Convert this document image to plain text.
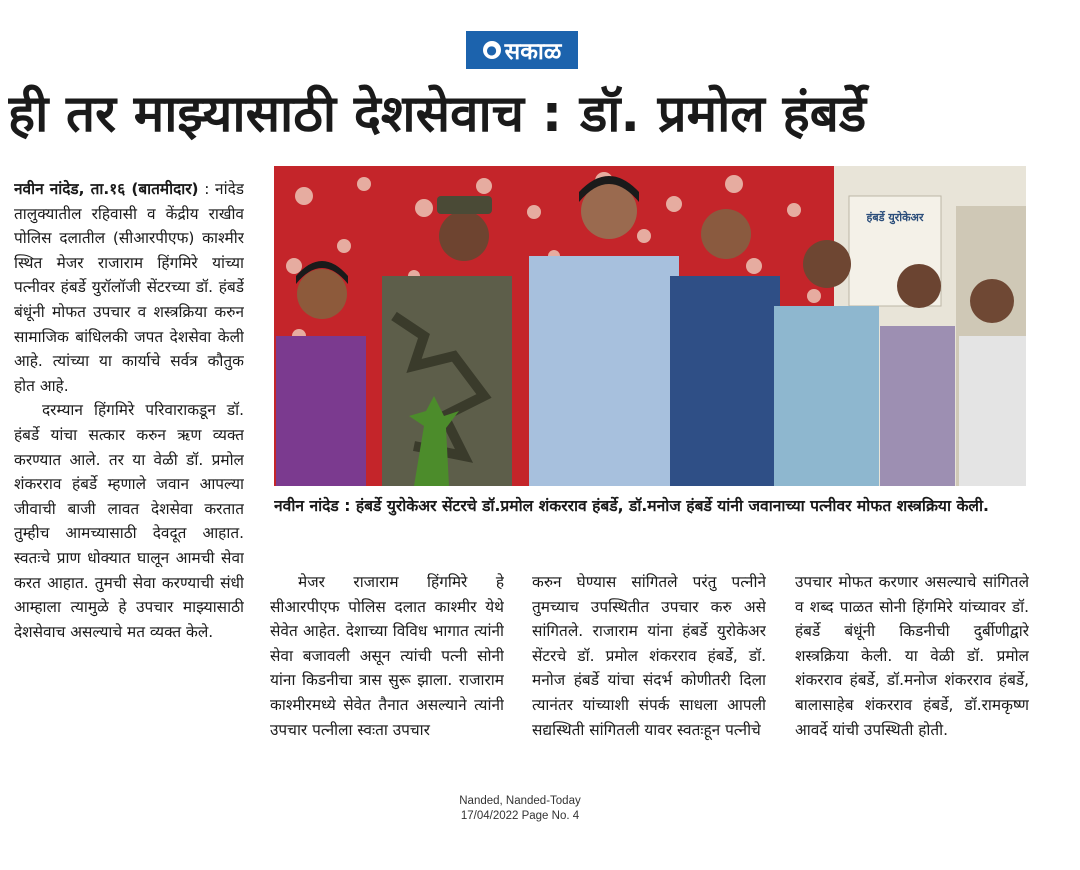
● सकाळ
ही तर माझ्यासाठी देशसेवाच : डॉ. प्रमोल हंबर्डे

नवीन नांदेड, ता.१६ (बातमीदार) : नांदेड तालुक्यातील रहिवासी व केंद्रीय राखीव पोलिस दलातील (सीआरपीएफ) काश्मीर स्थित मेजर राजाराम हिंगमिरे यांच्या पत्नीवर हंबर्डे युरॉलॉजी सेंटरच्या डॉ. हंबर्डे बंधूंनी मोफत उपचार व शस्त्रक्रिया करुन सामाजिक बांधिलकी जपत देशसेवा केली आहे. त्यांच्या या कार्याचे सर्वत्र कौतुक होत आहे.

दरम्यान हिंगमिरे परिवाराकडून डॉ. हंबर्डे यांचा सत्कार करुन ऋण व्यक्त करण्यात आले. तर या वेळी डॉ. प्रमोल शंकरराव हंबर्डे म्हणाले जवान आपल्या जीवाची बाजी लावत देशसेवा करतात तुम्हीच आमच्यासाठी देवदूत आहात. स्वतःचे प्राण धोक्यात घालून आमची सेवा करत आहात. तुमची सेवा करण्याची संधी आम्हाला त्यामुळे हे उपचार माझ्यासाठी देशसेवाच असल्याचे मत व्यक्त केले.

हंबर्डे युरोकेअर
नवीन नांदेड : हंबर्डे युरोकेअर सेंटरचे डॉ.प्रमोल शंकरराव हंबर्डे, डॉ.मनोज हंबर्डे यांनी जवानाच्या पत्नीवर मोफत शस्त्रक्रिया केली.

मेजर राजाराम हिंगमिरे हे सीआरपीएफ पोलिस दलात काश्मीर येथे सेवेत आहेत. देशाच्या विविध भागात त्यांनी सेवा बजावली असून त्यांची पत्नी सोनी यांना किडनीचा त्रास सुरू झाला. राजाराम काश्मीरमध्ये सेवेत तैनात असल्याने त्यांनी उपचार पत्नीला स्वःता उपचार

करुन घेण्यास सांगितले परंतु पत्नीने तुमच्याच उपस्थितीत उपचार करु असे सांगितले. राजाराम यांना हंबर्डे युरोकेअर सेंटरचे डॉ. प्रमोल शंकरराव हंबर्डे, डॉ. मनोज हंबर्डे यांचा संदर्भ कोणीतरी दिला त्यानंतर यांच्याशी संपर्क साधला आपली सद्यस्थिती सांगितली यावर स्वतःहून पत्नीचे

उपचार मोफत करणार असल्याचे सांगितले व शब्द पाळत सोनी हिंगमिरे यांच्यावर डॉ. हंबर्डे बंधूंनी किडनीची दुर्बीणीद्वारे शस्त्रक्रिया केली. या वेळी डॉ. प्रमोल शंकरराव हंबर्डे, डॉ.मनोज शंकरराव हंबर्डे, बालासाहेब शंकरराव हंबर्डे, डॉ.रामकृष्ण आवर्दे यांची उपस्थिती होती.

Nanded, Nanded-Today
17/04/2022 Page No. 4
